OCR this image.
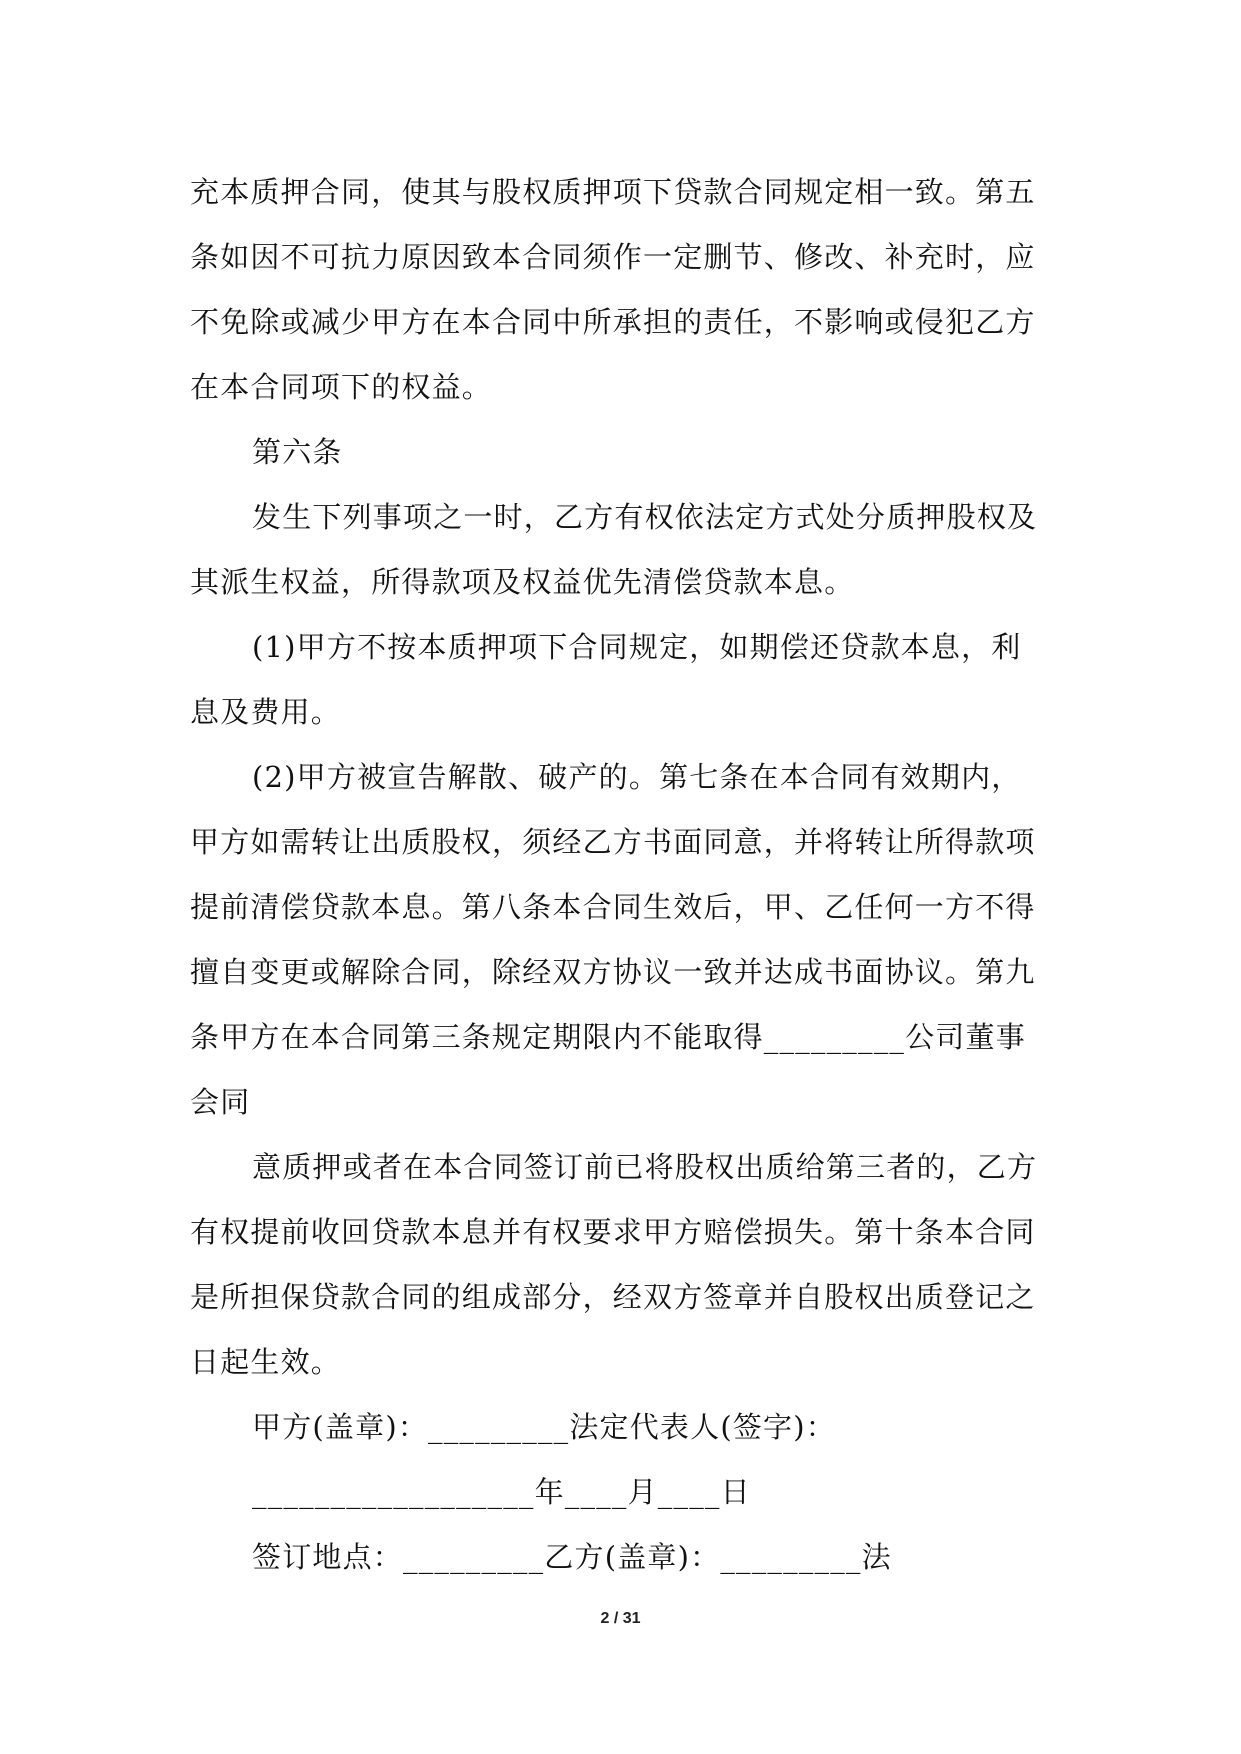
充本质押合同，使其与股权质押项下贷款合同规定相一致。第五
条如因不可抗力原因致本合同须作一定删节、修改、补充时，应
不免除或减少甲方在本合同中所承担的责任，不影响或侵犯乙方
在本合同项下的权益。
第六条
发生下列事项之一时，乙方有权依法定方式处分质押股权及
其派生权益，所得款项及权益优先清偿贷款本息。
(1)甲方不按本质押项下合同规定，如期偿还贷款本息，利
息及费用。
(2)甲方被宣告解散、破产的。第七条在本合同有效期内，
甲方如需转让出质股权，须经乙方书面同意，并将转让所得款项
提前清偿贷款本息。第八条本合同生效后，甲、乙任何一方不得
擅自变更或解除合同，除经双方协议一致并达成书面协议。第九
条甲方在本合同第三条规定期限内不能取得_________公司董事
会同
意质押或者在本合同签订前已将股权出质给第三者的，乙方
有权提前收回贷款本息并有权要求甲方赔偿损失。第十条本合同
是所担保贷款合同的组成部分，经双方签章并自股权出质登记之
日起生效。
甲方(盖章)：_________法定代表人(签字)：
__________________年____月____日
签订地点：_________乙方(盖章)：_________法
2 / 31
